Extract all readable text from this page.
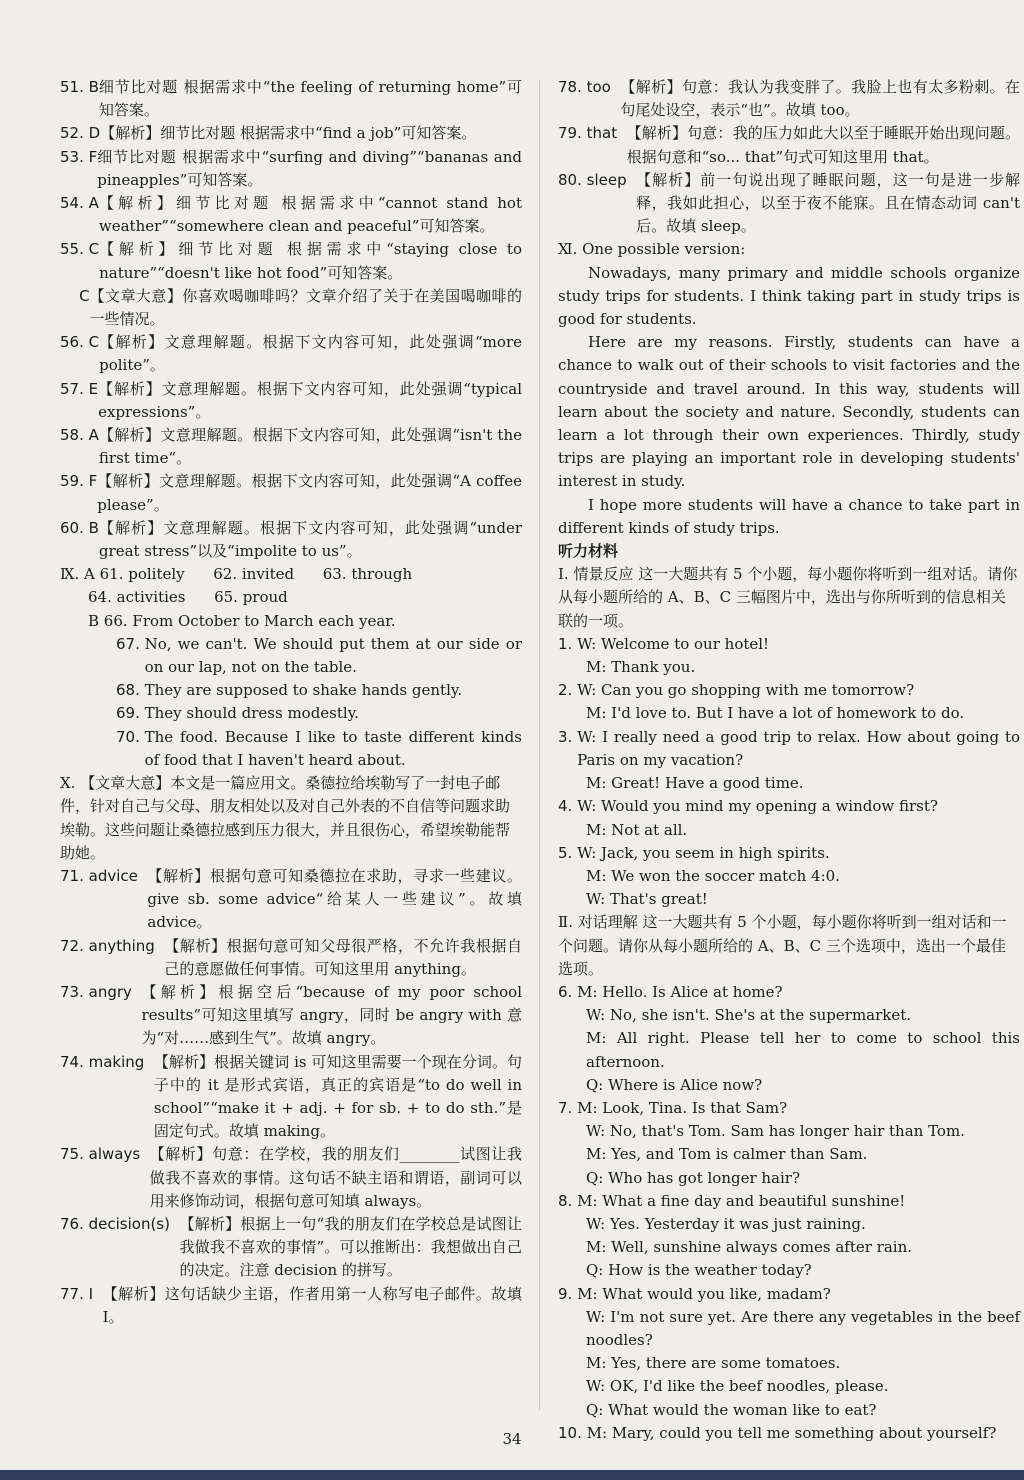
51. B 细节比对题 根据需求中“the feeling of returning home”可知答案。
52. D 【解析】细节比对题 根据需求中“find a job”可知答案。
53. F 细节比对题 根据需求中“surfing and diving”“bananas and pineapples”可知答案。
54. A 【解析】细节比对题 根据需求中“cannot stand hot weather”“somewhere clean and peaceful”可知答案。
55. C 【解析】细节比对题 根据需求中“staying close to nature”“doesn't like hot food”可知答案。
C 【文章大意】你喜欢喝咖啡吗？文章介绍了关于在美国喝咖啡的一些情况。
56. C 【解析】文意理解题。根据下文内容可知，此处强调“more polite”。
57. E 【解析】文意理解题。根据下文内容可知，此处强调“typical expressions”。
58. A 【解析】文意理解题。根据下文内容可知，此处强调“isn't the first time”。
59. F 【解析】文意理解题。根据下文内容可知，此处强调“A coffee please”。
60. B 【解析】文意理解题。根据下文内容可知，此处强调“under great stress”以及“impolite to us”。
Ⅸ. A 61. politely      62. invited      63. through
64. activities      65. proud
B 66. From October to March each year.
67. No, we can't. We should put them at our side or on our lap, not on the table.
68. They are supposed to shake hands gently.
69. They should dress modestly.
70. The food. Because I like to taste different kinds of food that I haven't heard about.
Ⅹ. 【文章大意】本文是一篇应用文。桑德拉给埃勒写了一封电子邮件，针对自己与父母、朋友相处以及对自己外表的不自信等问题求助埃勒。这些问题让桑德拉感到压力很大，并且很伤心，希望埃勒能帮助她。
71. advice 【解析】根据句意可知桑德拉在求助，寻求一些建议。give sb. some advice“给某人一些建议”。故填 advice。
72. anything 【解析】根据句意可知父母很严格，不允许我根据自己的意愿做任何事情。可知这里用 anything。
73. angry 【解析】根据空后“because of my poor school results”可知这里填写 angry，同时 be angry with 意为“对……感到生气”。故填 angry。
74. making 【解析】根据关键词 is 可知这里需要一个现在分词。句子中的 it 是形式宾语，真正的宾语是“to do well in school”“make it + adj. + for sb. + to do sth.”是固定句式。故填 making。
75. always 【解析】句意：在学校，我的朋友们________试图让我做我不喜欢的事情。这句话不缺主语和谓语，副词可以用来修饰动词，根据句意可知填 always。
76. decision(s) 【解析】根据上一句“我的朋友们在学校总是试图让我做我不喜欢的事情”。可以推断出：我想做出自己的决定。注意 decision 的拼写。
77. I 【解析】这句话缺少主语，作者用第一人称写电子邮件。故填 I。
78. too 【解析】句意：我认为我变胖了。我脸上也有太多粉刺。在句尾处设空，表示“也”。故填 too。
79. that 【解析】句意：我的压力如此大以至于睡眠开始出现问题。根据句意和“so... that”句式可知这里用 that。
80. sleep 【解析】前一句说出现了睡眠问题，这一句是进一步解释，我如此担心，以至于夜不能寐。且在情态动词 can't 后。故填 sleep。
Ⅺ. One possible version:
Nowadays, many primary and middle schools organize study trips for students. I think taking part in study trips is good for students.
Here are my reasons. Firstly, students can have a chance to walk out of their schools to visit factories and the countryside and travel around. In this way, students will learn about the society and nature. Secondly, students can learn a lot through their own experiences. Thirdly, study trips are playing an important role in developing students' interest in study.
I hope more students will have a chance to take part in different kinds of study trips.
听力材料
Ⅰ. 情景反应 这一大题共有 5 个小题，每小题你将听到一组对话。请你从每小题所给的 A、B、C 三幅图片中，选出与你所听到的信息相关联的一项。
1. W: Welcome to our hotel!
M: Thank you.
2. W: Can you go shopping with me tomorrow?
M: I'd love to. But I have a lot of homework to do.
3. W: I really need a good trip to relax. How about going to Paris on my vacation?
M: Great! Have a good time.
4. W: Would you mind my opening a window first?
M: Not at all.
5. W: Jack, you seem in high spirits.
M: We won the soccer match 4:0.
W: That's great!
Ⅱ. 对话理解 这一大题共有 5 个小题，每小题你将听到一组对话和一个问题。请你从每小题所给的 A、B、C 三个选项中，选出一个最佳选项。
6. M: Hello. Is Alice at home?
W: No, she isn't. She's at the supermarket.
M: All right. Please tell her to come to school this afternoon.
Q: Where is Alice now?
7. M: Look, Tina. Is that Sam?
W: No, that's Tom. Sam has longer hair than Tom.
M: Yes, and Tom is calmer than Sam.
Q: Who has got longer hair?
8. M: What a fine day and beautiful sunshine!
W: Yes. Yesterday it was just raining.
M: Well, sunshine always comes after rain.
Q: How is the weather today?
9. M: What would you like, madam?
W: I'm not sure yet. Are there any vegetables in the beef noodles?
M: Yes, there are some tomatoes.
W: OK, I'd like the beef noodles, please.
Q: What would the woman like to eat?
10. M: Mary, could you tell me something about yourself?
34
